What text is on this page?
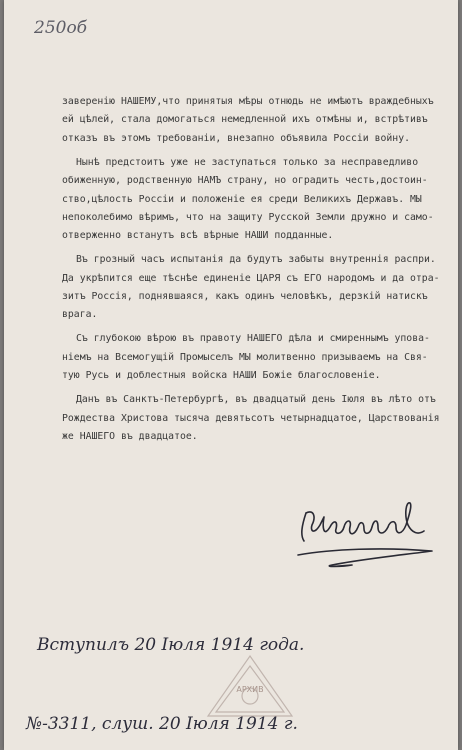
250об
заверенію НАШЕМУ,что принятыя мѣры отнюдь не имѣютъ враждебныхъ
ей цѣлей, стала домогаться немедленной ихъ отмѣны и, встрѣтивъ
отказъ въ этомъ требованіи, внезапно объявила Россіи войну.
Нынѣ предстоитъ уже не заступаться только за несправедливо
обиженную, родственную НАМЪ страну, но оградить честь,достоин-
ство,цѣлость Россіи и положеніе ея среди Великихъ Державъ. МЫ
непоколебимо вѣримъ, что на защиту Русской Земли дружно и само-
отверженно встанутъ всѣ вѣрные НАШИ подданные.
Въ грозный часъ испытанія да будутъ забыты внутреннія распри.
Да укрѣпится еще тѣснѣе единеніе ЦАРЯ съ ЕГО народомъ и да отра-
зитъ Россія, поднявшаяся, какъ одинъ человѣкъ, дерзкій натискъ
врага.
Съ глубокою вѣрою въ правоту НАШЕГО дѣла и смиреннымъ упова-
ніемъ на Всемогущій Промыселъ МЫ молитвенно призываемъ на Свя-
тую Русь и доблестныя войска НАШИ Божіе благословеніе.
Данъ въ Санктъ-Петербургѣ, въ двадцатый день Іюля въ лѣто отъ
Рождества Христова тысяча девятьсотъ четырнадцатое, Царствованія
же НАШЕГО въ двадцатое.
Вступилъ 20 Іюля 1914 года.
АРХИВ
№-3311, слуш. 20 Іюля 1914 г.
